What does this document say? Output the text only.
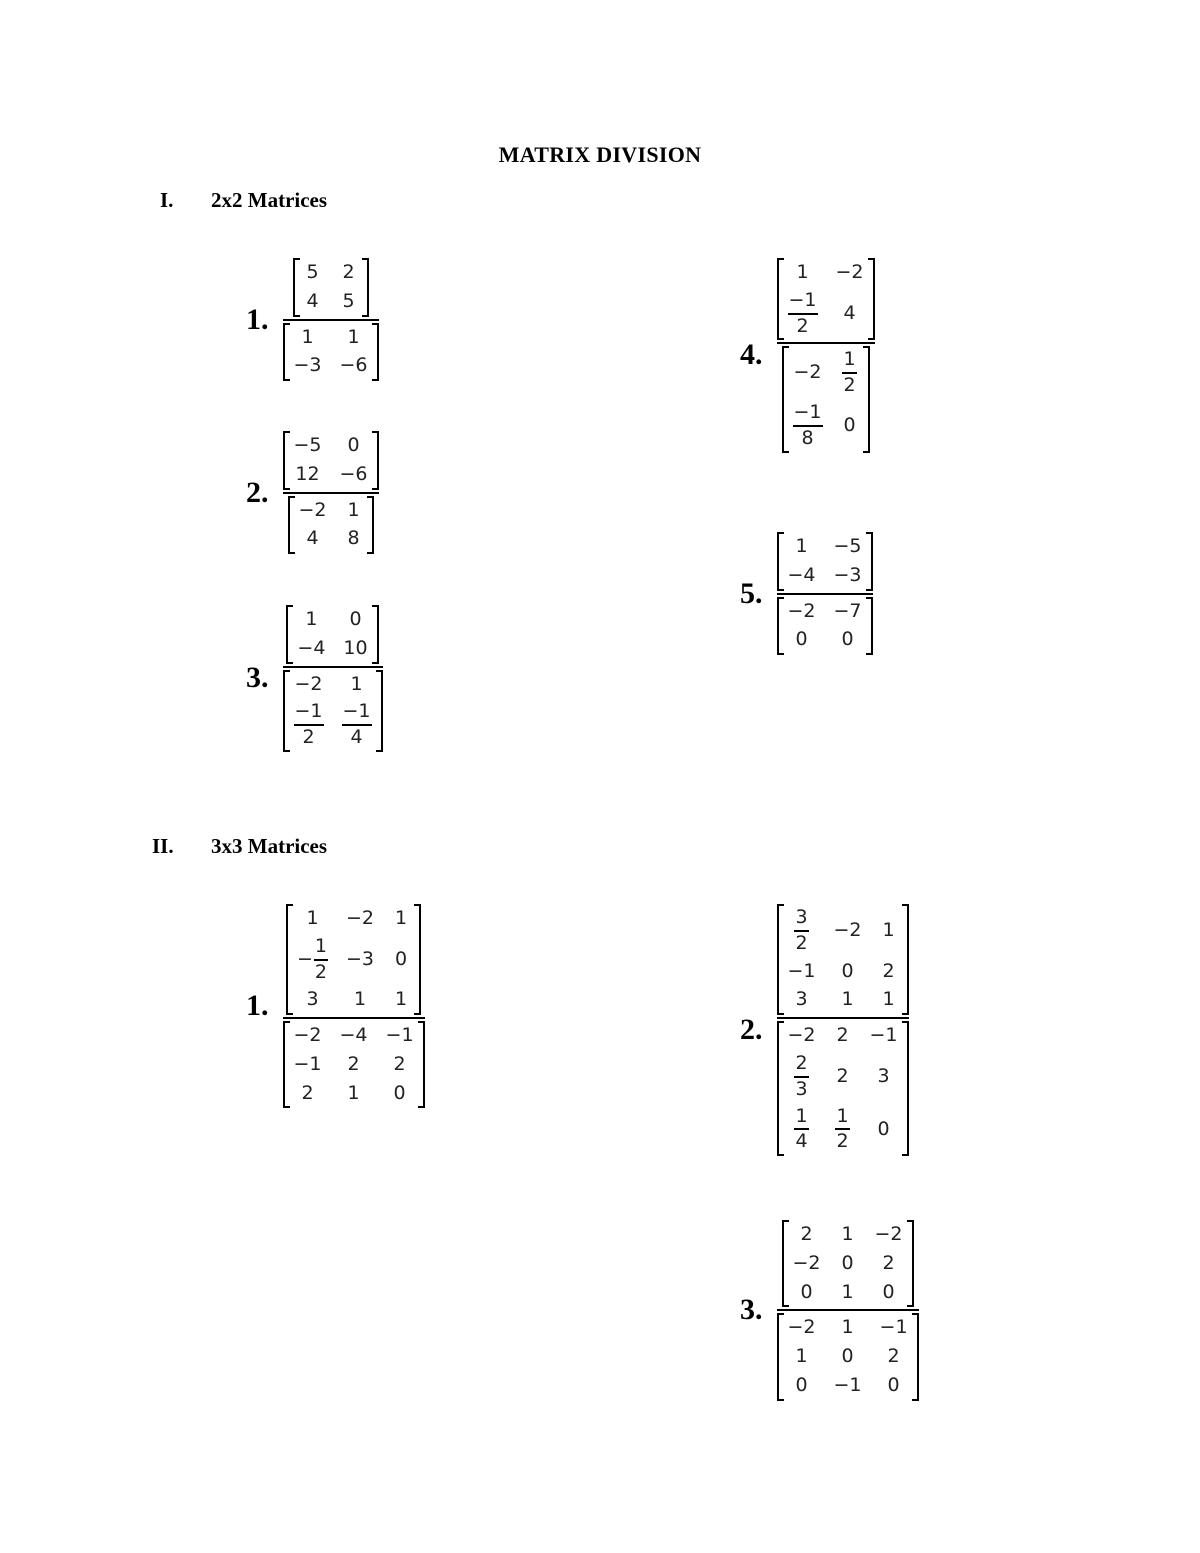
MATRIX DIVISION
I. 2x2 Matrices
II. 3x3 Matrices
1. 5 2
4 5
1 1
−3 −6
2. −5 0
12 −6
−2 1
4 8
3. 1 0
−4 10
−2 1
$\frac{-1}{2} \frac{-1}{4}$
4. 1 −2
$\frac{-1}{2} 4$
$-2 \frac{1}{2}$
$\frac{-1}{8} 0$
5. 1 −5
−4 −3
−2 −7
0 0
1. 1 −2 1
− $\frac{1}{2} -3$ 0
3 1 1
−2 −4 −1
−1 2 2
2 1 0	2. $\frac{3}{2} -2$ 1
−1 0 2
3 1 1
−2 2 −1
$\frac{2}{3} 2$ 3
$\frac{1}{4} \frac{1}{2} 0$
3. 2 1 −2
−2 0 2
0 1 0
−2 1 −1
1 0 2
0 −1 0
